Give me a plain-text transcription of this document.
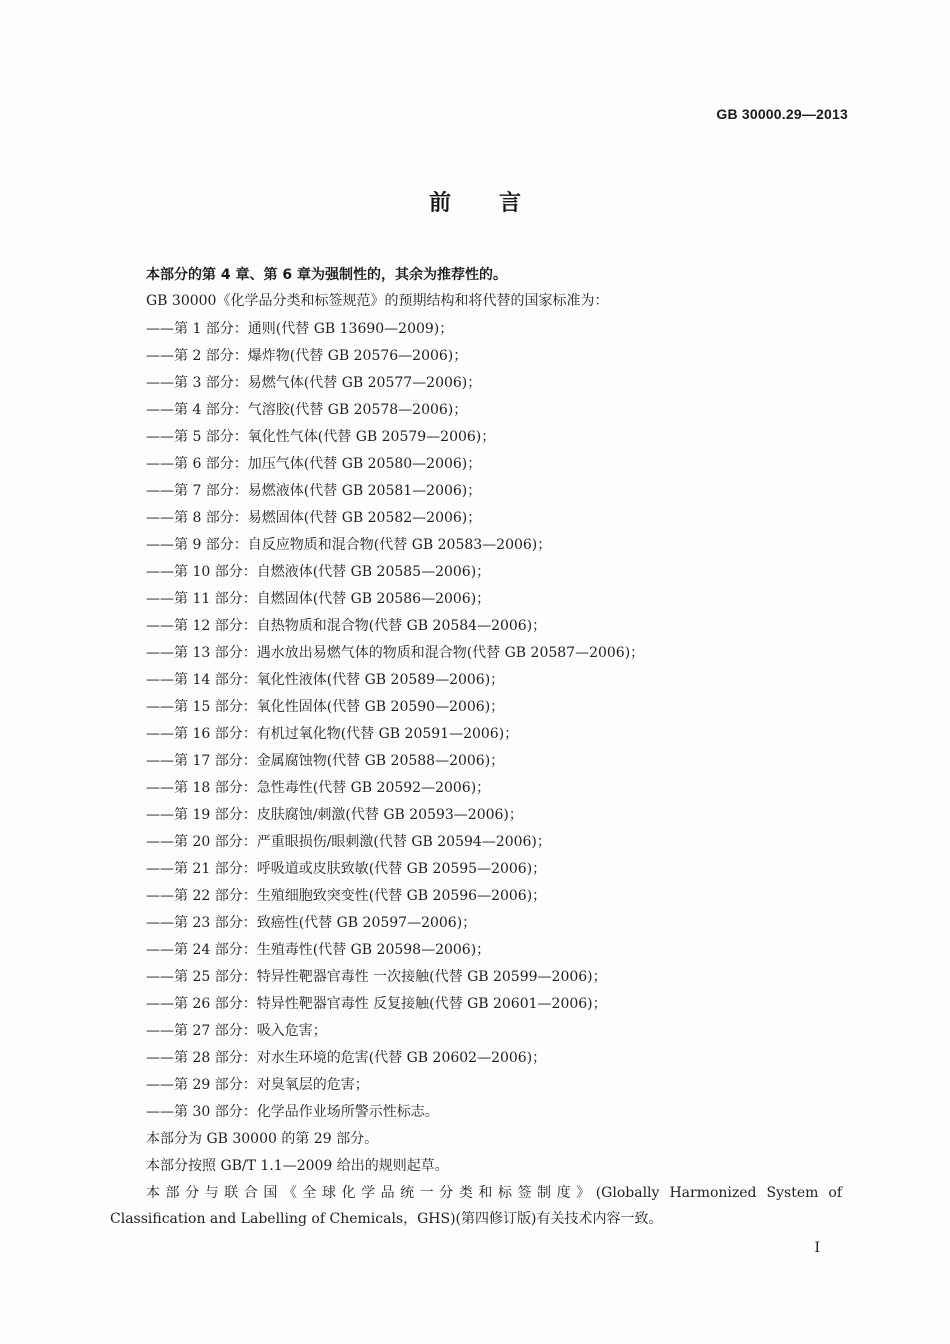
GB 30000.29—2013
前言
本部分的第 4 章、第 6 章为强制性的，其余为推荐性的。
GB 30000《化学品分类和标签规范》的预期结构和将代替的国家标准为：
——第 1 部分：通则(代替 GB 13690—2009)；
——第 2 部分：爆炸物(代替 GB 20576—2006)；
——第 3 部分：易燃气体(代替 GB 20577—2006)；
——第 4 部分：气溶胶(代替 GB 20578—2006)；
——第 5 部分：氧化性气体(代替 GB 20579—2006)；
——第 6 部分：加压气体(代替 GB 20580—2006)；
——第 7 部分：易燃液体(代替 GB 20581—2006)；
——第 8 部分：易燃固体(代替 GB 20582—2006)；
——第 9 部分：自反应物质和混合物(代替 GB 20583—2006)；
——第 10 部分：自燃液体(代替 GB 20585—2006)；
——第 11 部分：自燃固体(代替 GB 20586—2006)；
——第 12 部分：自热物质和混合物(代替 GB 20584—2006)；
——第 13 部分：遇水放出易燃气体的物质和混合物(代替 GB 20587—2006)；
——第 14 部分：氧化性液体(代替 GB 20589—2006)；
——第 15 部分：氧化性固体(代替 GB 20590—2006)；
——第 16 部分：有机过氧化物(代替 GB 20591—2006)；
——第 17 部分：金属腐蚀物(代替 GB 20588—2006)；
——第 18 部分：急性毒性(代替 GB 20592—2006)；
——第 19 部分：皮肤腐蚀/刺激(代替 GB 20593—2006)；
——第 20 部分：严重眼损伤/眼刺激(代替 GB 20594—2006)；
——第 21 部分：呼吸道或皮肤致敏(代替 GB 20595—2006)；
——第 22 部分：生殖细胞致突变性(代替 GB 20596—2006)；
——第 23 部分：致癌性(代替 GB 20597—2006)；
——第 24 部分：生殖毒性(代替 GB 20598—2006)；
——第 25 部分：特异性靶器官毒性 一次接触(代替 GB 20599—2006)；
——第 26 部分：特异性靶器官毒性 反复接触(代替 GB 20601—2006)；
——第 27 部分：吸入危害；
——第 28 部分：对水生环境的危害(代替 GB 20602—2006)；
——第 29 部分：对臭氧层的危害；
——第 30 部分：化学品作业场所警示性标志。
本部分为 GB 30000 的第 29 部分。
本部分按照 GB/T 1.1—2009 给出的规则起草。
本部分与联合国《全球化学品统一分类和标签制度》(Globally Harmonized System of
Classification and Labelling of Chemicals，GHS)(第四修订版)有关技术内容一致。
I
